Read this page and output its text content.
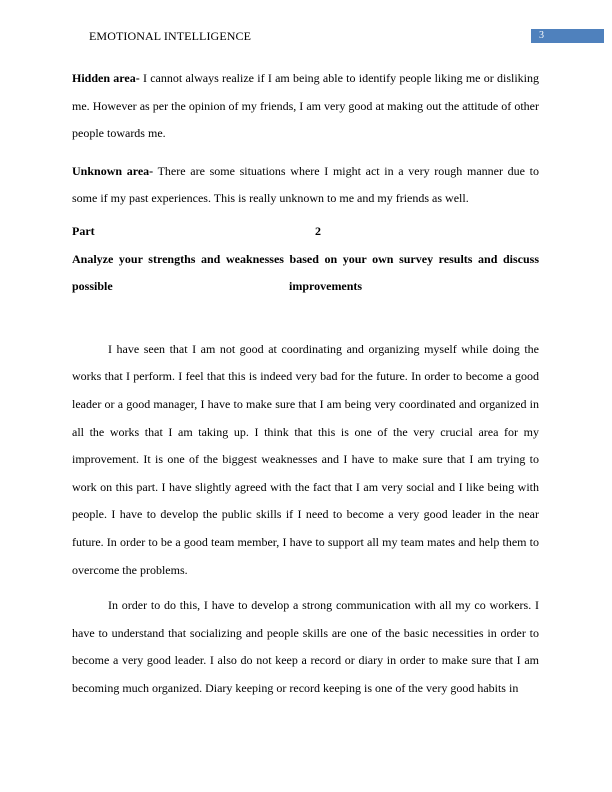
EMOTIONAL INTELLIGENCE	3

Hidden area- I cannot always realize if I am being able to identify people liking me or disliking me. However as per the opinion of my friends, I am very good at making out the attitude of other people towards me.

Unknown area- There are some situations where I might act in a very rough manner due to some if my past experiences. This is really unknown to me and my friends as well.

Part	2
Analyze your strengths and weaknesses based on your own survey results and discuss
possible	improvements

I have seen that I am not good at coordinating and organizing myself while doing the works that I perform. I feel that this is indeed very bad for the future. In order to become a good leader or a good manager, I have to make sure that I am being very coordinated and organized in all the works that I am taking up. I think that this is one of the very crucial area for my improvement. It is one of the biggest weaknesses and I have to make sure that I am trying to work on this part. I have slightly agreed with the fact that I am very social and I like being with people. I have to develop the public skills if I need to become a very good leader in the near future. In order to be a good team member, I have to support all my team mates and help them to overcome the problems.

In order to do this, I have to develop a strong communication with all my co workers. I have to understand that socializing and people skills are one of the basic necessities in order to become a very good leader. I also do not keep a record or diary in order to make sure that I am becoming much organized. Diary keeping or record keeping is one of the very good habits in
